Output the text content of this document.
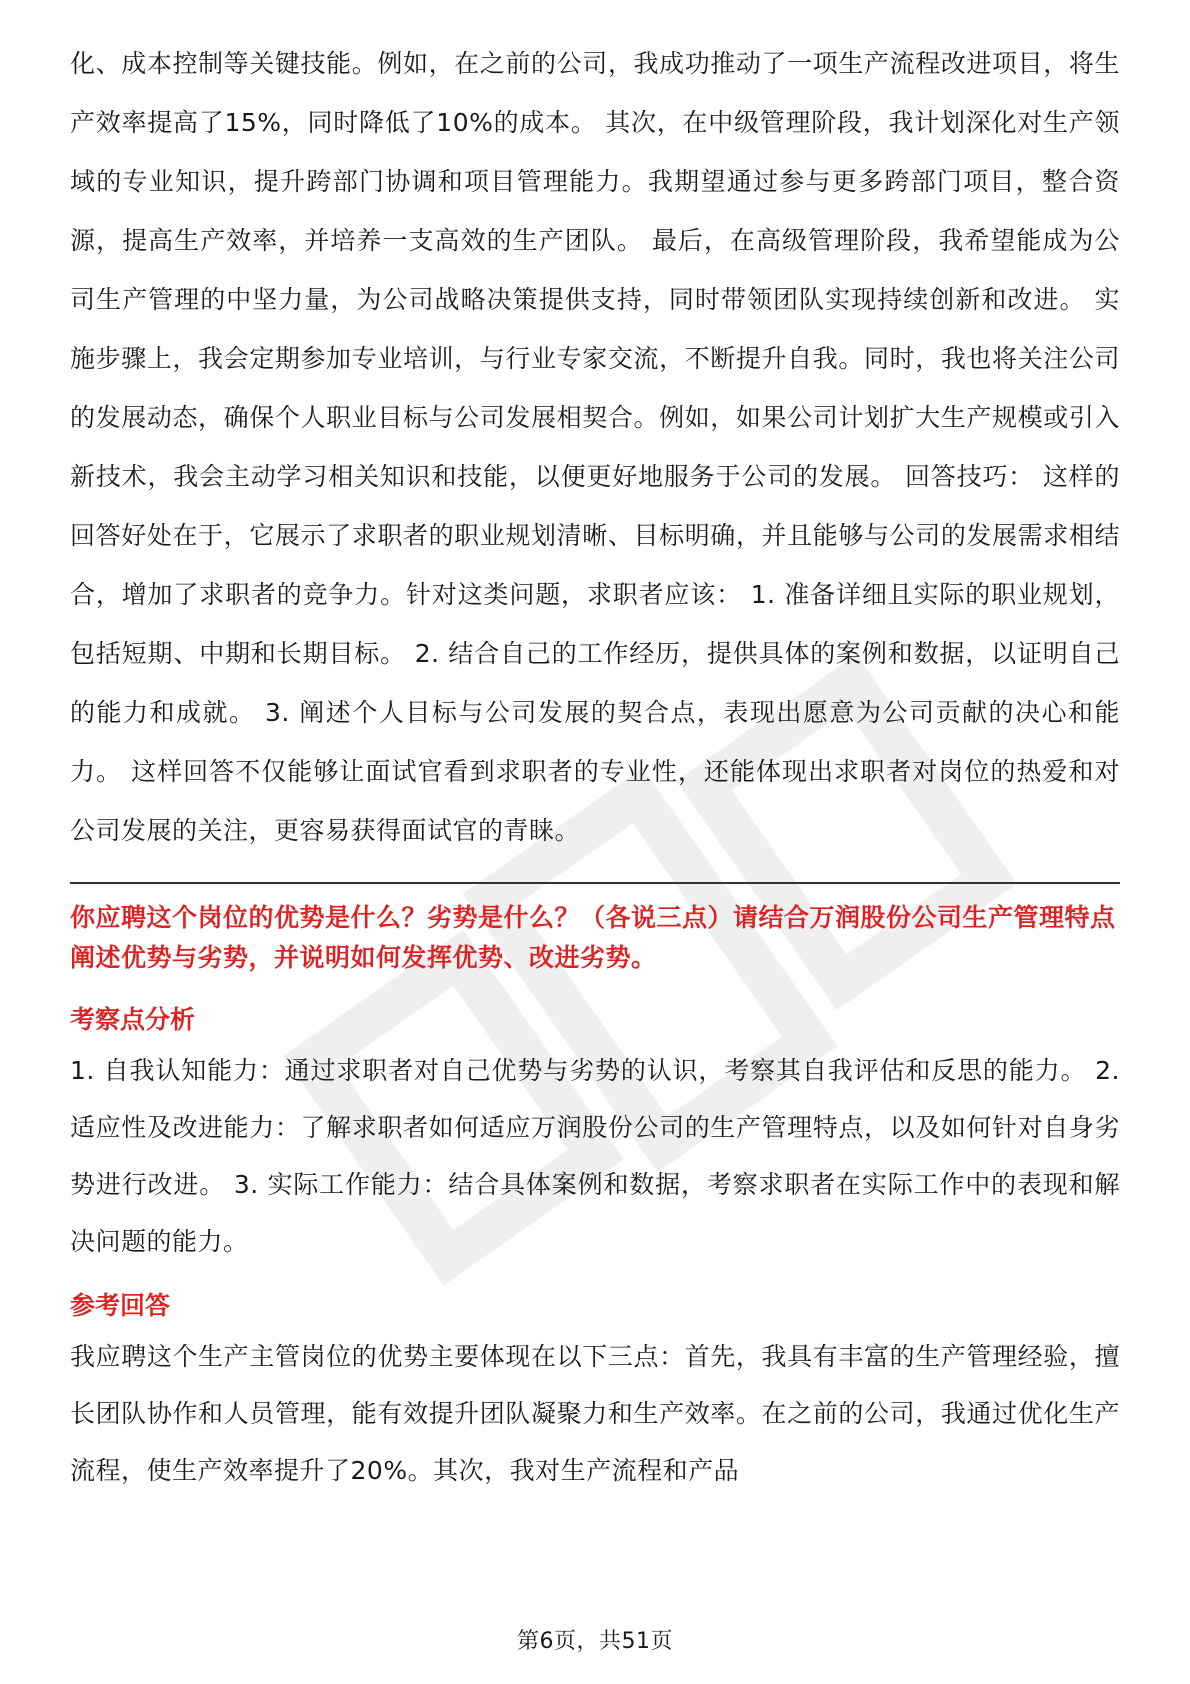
化、成本控制等关键技能。例如，在之前的公司，我成功推动了一项生产流程改进项目，将生产效率提高了15%，同时降低了10%的成本。 其次，在中级管理阶段，我计划深化对生产领域的专业知识，提升跨部门协调和项目管理能力。我期望通过参与更多跨部门项目，整合资源，提高生产效率，并培养一支高效的生产团队。 最后，在高级管理阶段，我希望能成为公司生产管理的中坚力量，为公司战略决策提供支持，同时带领团队实现持续创新和改进。 实施步骤上，我会定期参加专业培训，与行业专家交流，不断提升自我。同时，我也将关注公司的发展动态，确保个人职业目标与公司发展相契合。例如，如果公司计划扩大生产规模或引入新技术，我会主动学习相关知识和技能，以便更好地服务于公司的发展。 回答技巧： 这样的回答好处在于，它展示了求职者的职业规划清晰、目标明确，并且能够与公司的发展需求相结合，增加了求职者的竞争力。针对这类问题，求职者应该： 1. 准备详细且实际的职业规划，包括短期、中期和长期目标。 2. 结合自己的工作经历，提供具体的案例和数据，以证明自己的能力和成就。 3. 阐述个人目标与公司发展的契合点，表现出愿意为公司贡献的决心和能力。 这样回答不仅能够让面试官看到求职者的专业性，还能体现出求职者对岗位的热爱和对公司发展的关注，更容易获得面试官的青睐。

你应聘这个岗位的优势是什么？劣势是什么？（各说三点）请结合万润股份公司生产管理特点阐述优势与劣势，并说明如何发挥优势、改进劣势。

考察点分析

1. 自我认知能力：通过求职者对自己优势与劣势的认识，考察其自我评估和反思的能力。 2. 适应性及改进能力：了解求职者如何适应万润股份公司的生产管理特点，以及如何针对自身劣势进行改进。 3. 实际工作能力：结合具体案例和数据，考察求职者在实际工作中的表现和解决问题的能力。

参考回答

我应聘这个生产主管岗位的优势主要体现在以下三点：首先，我具有丰富的生产管理经验，擅长团队协作和人员管理，能有效提升团队凝聚力和生产效率。在之前的公司，我通过优化生产流程，使生产效率提升了20%。其次，我对生产流程和产品

第6页，共51页
